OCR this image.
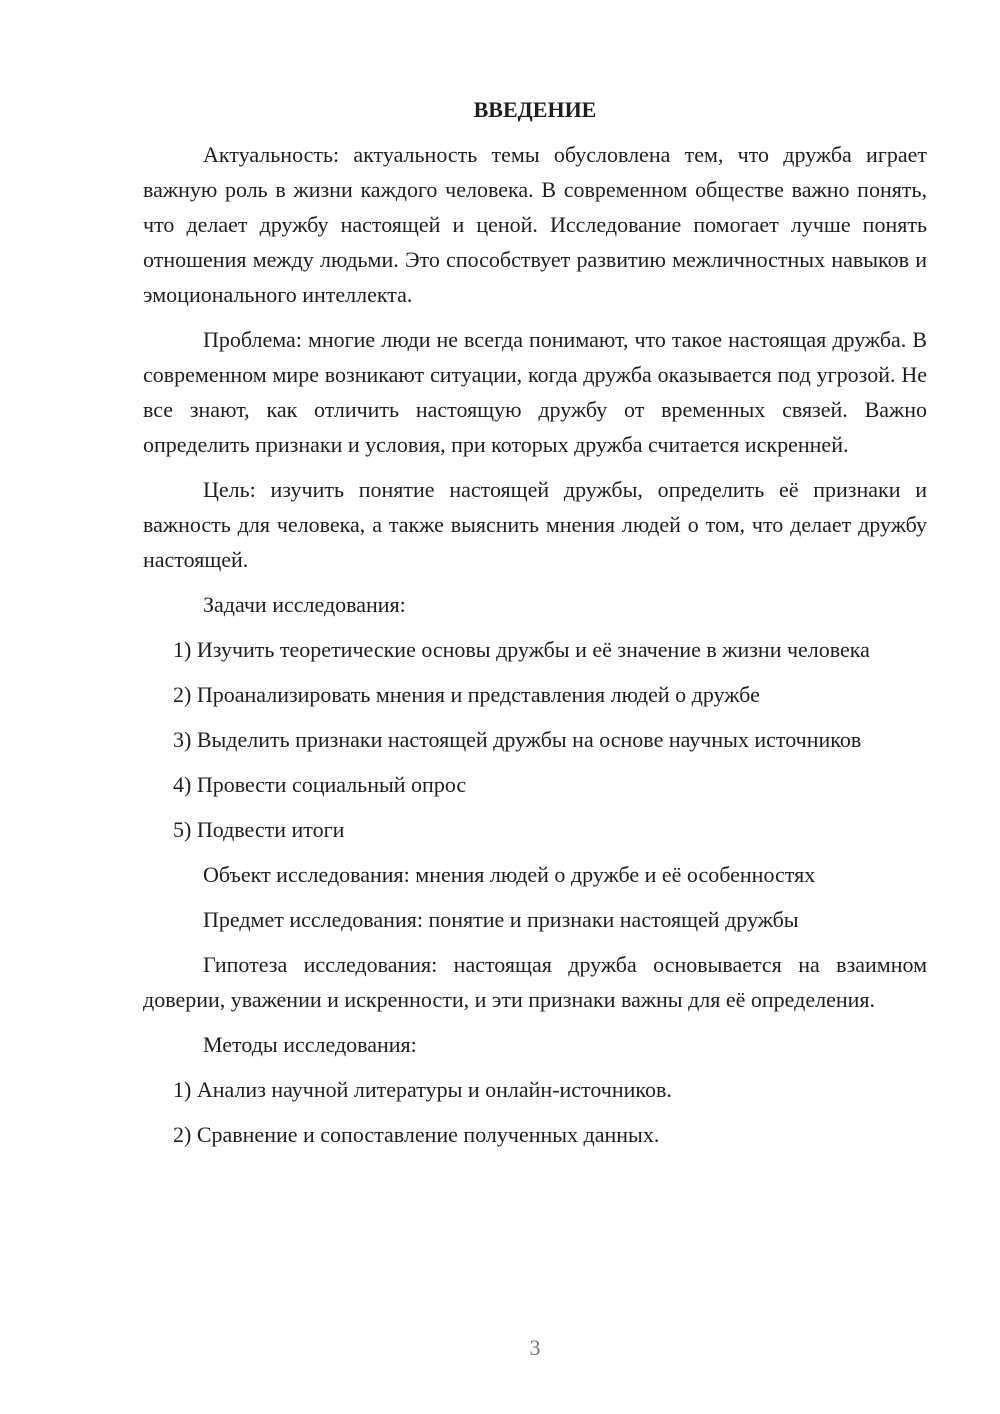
ВВЕДЕНИЕ

Актуальность: актуальность темы обусловлена тем, что дружба играет важную роль в жизни каждого человека. В современном обществе важно понять, что делает дружбу настоящей и ценой. Исследование помогает лучше понять отношения между людьми. Это способствует развитию межличностных навыков и эмоционального интеллекта.

Проблема: многие люди не всегда понимают, что такое настоящая дружба. В современном мире возникают ситуации, когда дружба оказывается под угрозой. Не все знают, как отличить настоящую дружбу от временных связей. Важно определить признаки и условия, при которых дружба считается искренней.

Цель: изучить понятие настоящей дружбы, определить её признаки и важность для человека, а также выяснить мнения людей о том, что делает дружбу настоящей.

Задачи исследования:

1) Изучить теоретические основы дружбы и её значение в жизни человека

2) Проанализировать мнения и представления людей о дружбе

3) Выделить признаки настоящей дружбы на основе научных источников

4) Провести социальный опрос

5) Подвести итоги

Объект исследования: мнения людей о дружбе и её особенностях

Предмет исследования: понятие и признаки настоящей дружбы

Гипотеза исследования: настоящая дружба основывается на взаимном доверии, уважении и искренности, и эти признаки важны для её определения.

Методы исследования:

1) Анализ научной литературы и онлайн-источников.

2) Сравнение и сопоставление полученных данных.

3
